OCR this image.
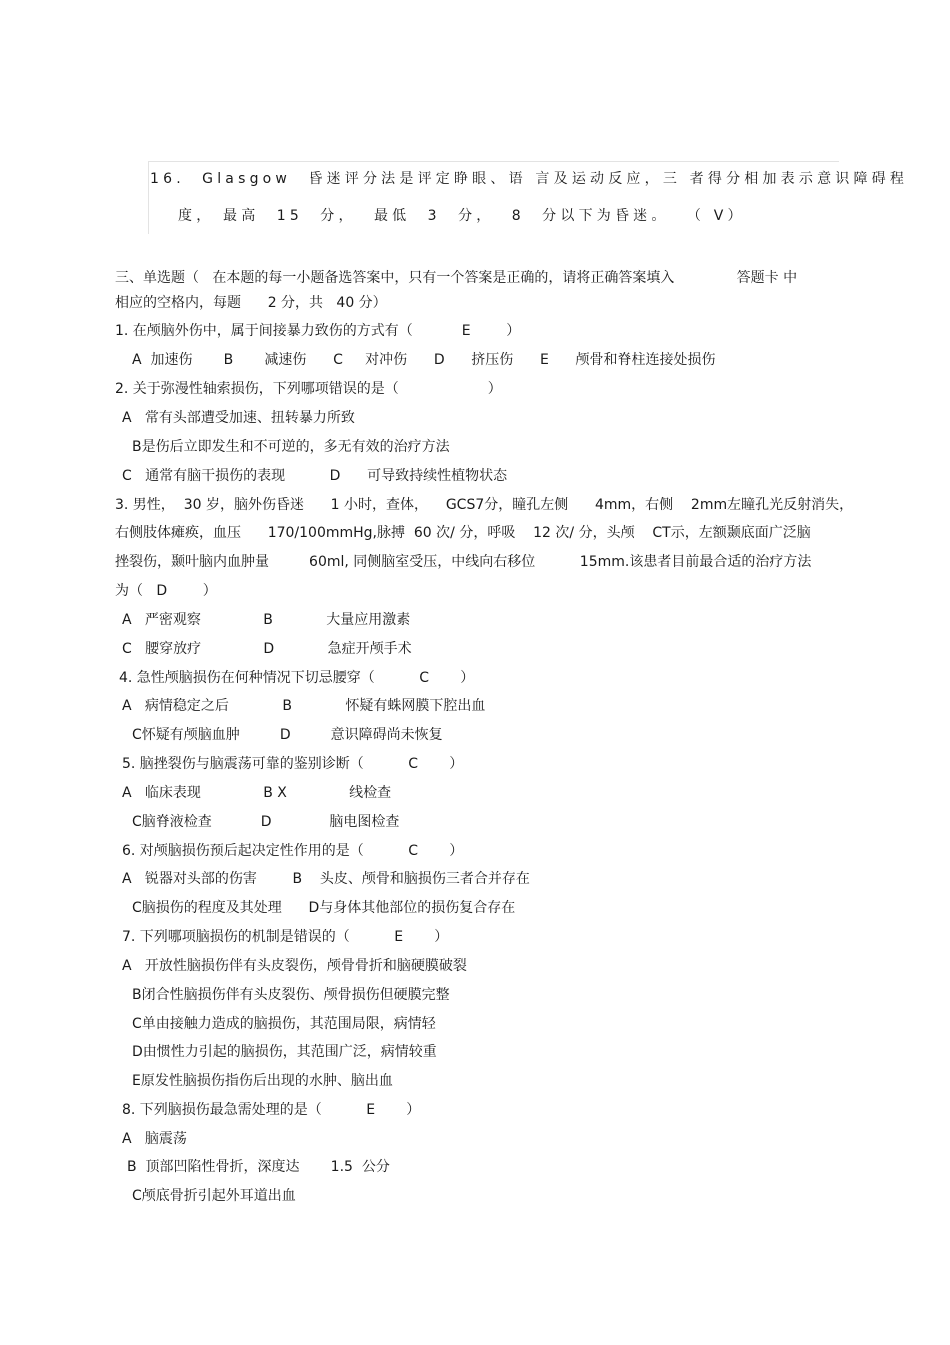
16.  Glasgow  昏迷评分法是评定睁眼、语 言及运动反应，三 者得分相加表示意识障碍程
度， 最高  15  分，  最低  3  分，  8  分以下为昏迷。  （ V）
三、单选题（   在本题的每一小题备选答案中，只有一个答案是正确的，请将正确答案填入              答题卡 中
相应的空格内，每题      2 分，共   40 分）
1. 在颅脑外伤中，属于间接暴力致伤的方式有（           E        ）
A  加速伤       B       减速伤      C     对冲伤      D      挤压伤      E      颅骨和脊柱连接处损伤
2. 关于弥漫性轴索损伤，下列哪项错误的是（                    ）
A   常有头部遭受加速、扭转暴力所致
B是伤后立即发生和不可逆的，多无有效的治疗方法
C   通常有脑干损伤的表现          D      可导致持续性植物状态
3. 男性，  30 岁，脑外伤昏迷      1 小时，查体，    GCS7分，瞳孔左侧      4mm，右侧    2mm左瞳孔光反射消失，
右侧肢体瘫痪，血压      170/100mmHg,脉搏  60 次/ 分，呼吸    12 次/ 分，头颅    CT示，左额颞底面广泛脑
挫裂伤，颞叶脑内血肿量         60ml, 同侧脑室受压，中线向右移位          15mm.该患者目前最合适的治疗方法
为（   D        ）
A   严密观察              B            大量应用激素
C   腰穿放疗              D            急症开颅手术
4. 急性颅脑损伤在何种情况下切忌腰穿（          C       ）
A   病情稳定之后            B            怀疑有蛛网膜下腔出血
C怀疑有颅脑血肿         D         意识障碍尚未恢复
5. 脑挫裂伤与脑震荡可靠的鉴别诊断（          C       ）
A   临床表现              B X              线检查
C脑脊液检查           D             脑电图检查
6. 对颅脑损伤预后起决定性作用的是（          C       ）
A   锐器对头部的伤害        B    头皮、颅骨和脑损伤三者合并存在
C脑损伤的程度及其处理      D与身体其他部位的损伤复合存在
7. 下列哪项脑损伤的机制是错误的（          E       ）
A   开放性脑损伤伴有头皮裂伤，颅骨骨折和脑硬膜破裂
B闭合性脑损伤伴有头皮裂伤、颅骨损伤但硬膜完整
C单由接触力造成的脑损伤，其范围局限，病情轻
D由惯性力引起的脑损伤，其范围广泛，病情较重
E原发性脑损伤指伤后出现的水肿、脑出血
8. 下列脑损伤最急需处理的是（          E       ）
A   脑震荡
B  顶部凹陷性骨折，深度达       1.5  公分
C颅底骨折引起外耳道出血
